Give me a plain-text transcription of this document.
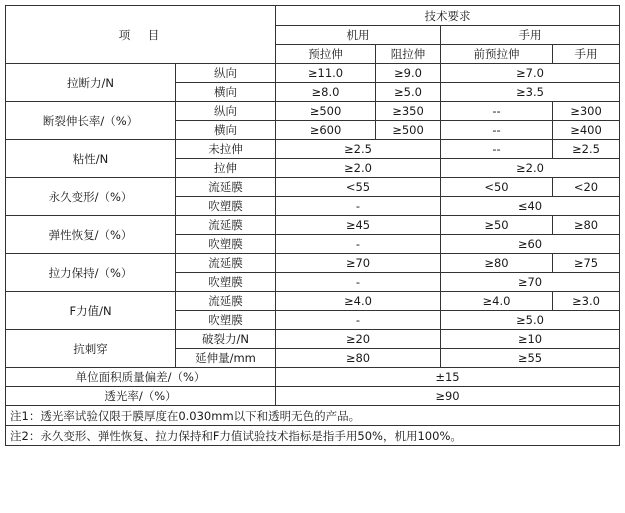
项　目		技术要求			
		机用		手用	
		预拉伸	阻拉伸	前预拉伸	手用
拉断力/N	纵向	≥11.0	≥9.0	≥7.0	
	横向	≥8.0	≥5.0	≥3.5	
断裂伸长率/（%）	纵向	≥500	≥350	--	≥300
	横向	≥600	≥500	--	≥400
粘性/N	未拉伸	≥2.5		--	≥2.5
	拉伸	≥2.0		≥2.0	
永久变形/（%）	流延膜	<55		<50	<20
	吹塑膜	-		≤40	
弹性恢复/（%）	流延膜	≥45		≥50	≥80
	吹塑膜	-		≥60	
拉力保持/（%）	流延膜	≥70		≥80	≥75
	吹塑膜	-		≥70	
F力值/N	流延膜	≥4.0		≥4.0	≥3.0
	吹塑膜	-		≥5.0	
抗刺穿	破裂力/N	≥20		≥10	
	延伸量/mm	≥80		≥55	
单位面积质量偏差/（%）		±15			
透光率/（%）		≥90			
注1：透光率试验仅限于膜厚度在0.030mm以下和透明无色的产品。					
注2：永久变形、弹性恢复、拉力保持和F力值试验技术指标是指手用50%，机用100%。					
